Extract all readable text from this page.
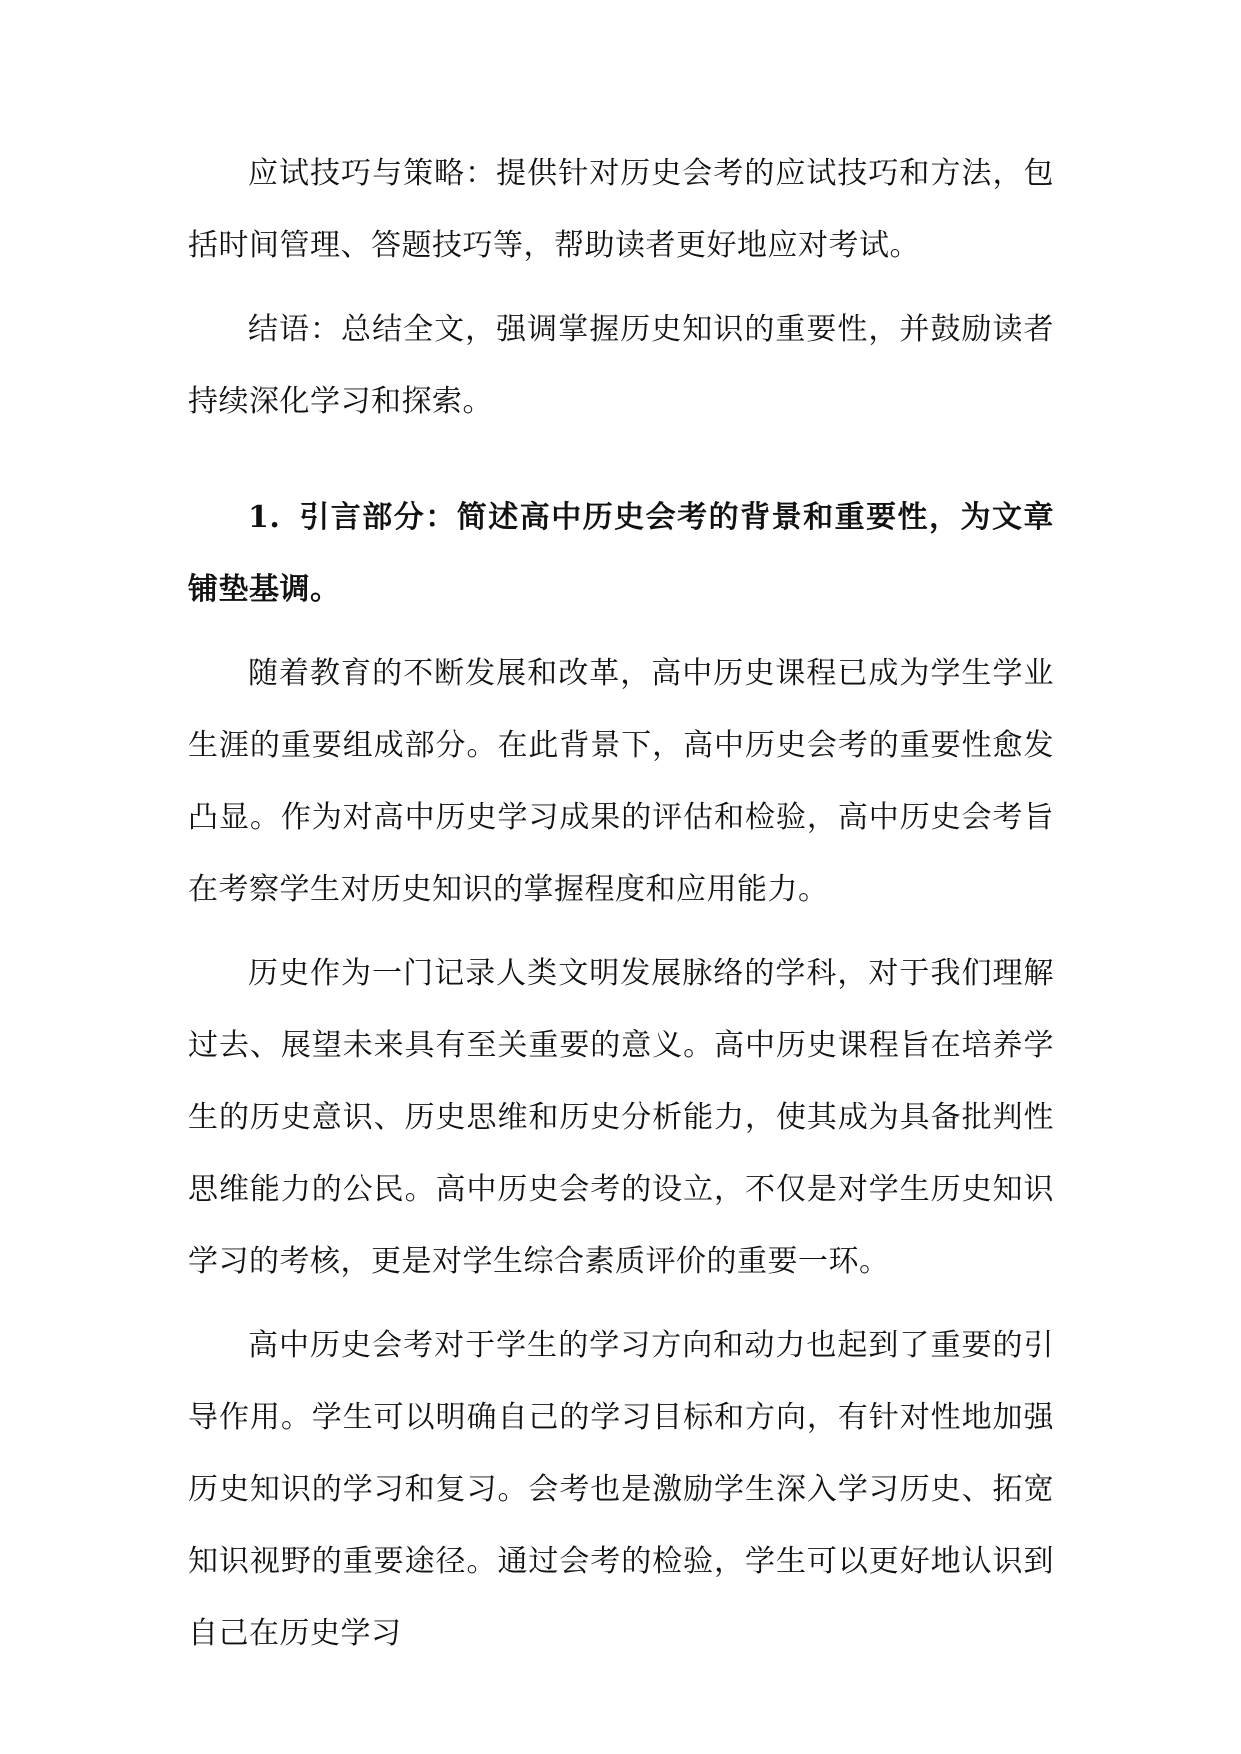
应试技巧与策略：提供针对历史会考的应试技巧和方法，包括时间管理、答题技巧等，帮助读者更好地应对考试。

结语：总结全文，强调掌握历史知识的重要性，并鼓励读者持续深化学习和探索。

1. 引言部分：简述高中历史会考的背景和重要性，为文章铺垫基调。

随着教育的不断发展和改革，高中历史课程已成为学生学业生涯的重要组成部分。在此背景下，高中历史会考的重要性愈发凸显。作为对高中历史学习成果的评估和检验，高中历史会考旨在考察学生对历史知识的掌握程度和应用能力。

历史作为一门记录人类文明发展脉络的学科，对于我们理解过去、展望未来具有至关重要的意义。高中历史课程旨在培养学生的历史意识、历史思维和历史分析能力，使其成为具备批判性思维能力的公民。高中历史会考的设立，不仅是对学生历史知识学习的考核，更是对学生综合素质评价的重要一环。

高中历史会考对于学生的学习方向和动力也起到了重要的引导作用。学生可以明确自己的学习目标和方向，有针对性地加强历史知识的学习和复习。会考也是激励学生深入学习历史、拓宽知识视野的重要途径。通过会考的检验，学生可以更好地认识到自己在历史学习
